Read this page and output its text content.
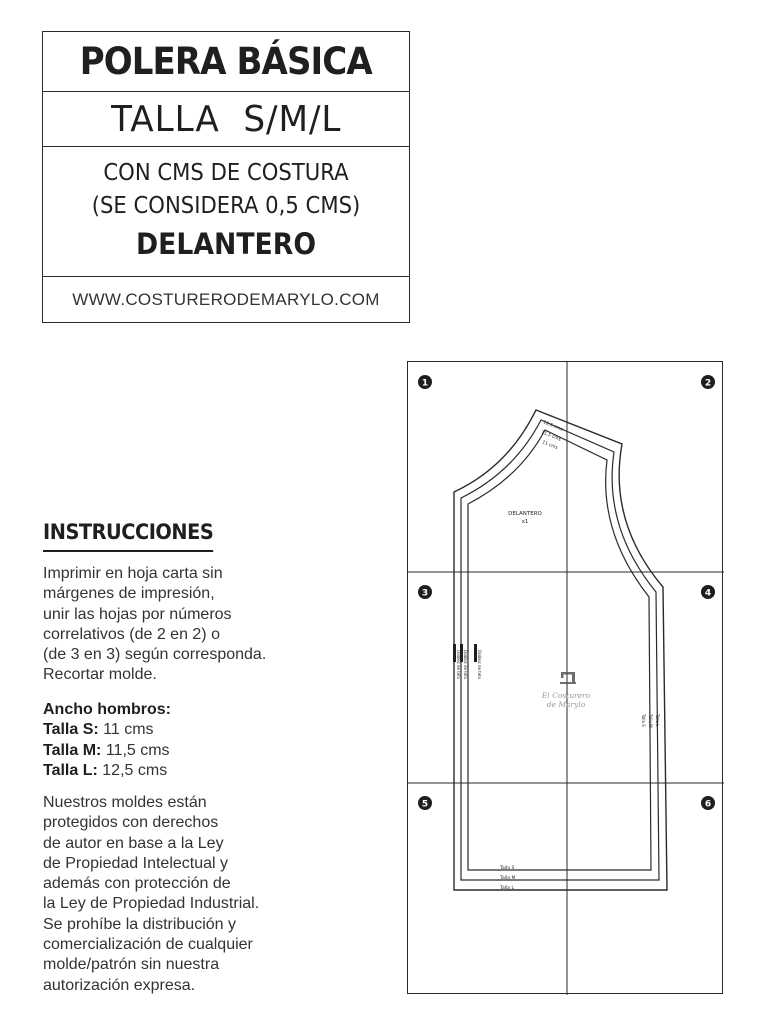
POLERA BÁSICA
TALLA  S/M/L
CON CMS DE COSTURA
(SE CONSIDERA 0,5 CMS)
DELANTERO
WWW.COSTURERODEMARYLO.COM
INSTRUCCIONES
Imprimir en hoja carta sin
márgenes de impresión,
unir las hojas por números
correlativos (de 2 en 2) o
(de 3 en 3) según corresponda.
Recortar molde.
Ancho hombros:
Talla S: 11 cms
Talla M: 11,5 cms
Talla L: 12,5 cms
Nuestros moldes están
protegidos con derechos
de autor en base a la Ley
de Propiedad Intelectual y
además con protección de
la Ley de Propiedad Industrial.
Se prohíbe la distribución y
comercialización de cualquier
molde/patrón sin nuestra
autorización expresa.
1	2
3	4
5	6
12,5 cms
11,5 cms
11 cms
DELANTERO
x1
Doblez de tela Doblez de tela Doblez de tela
Talla S Talla M Talla L
Talla S
Talla M
Talla L
El Costurero
de Marylo
